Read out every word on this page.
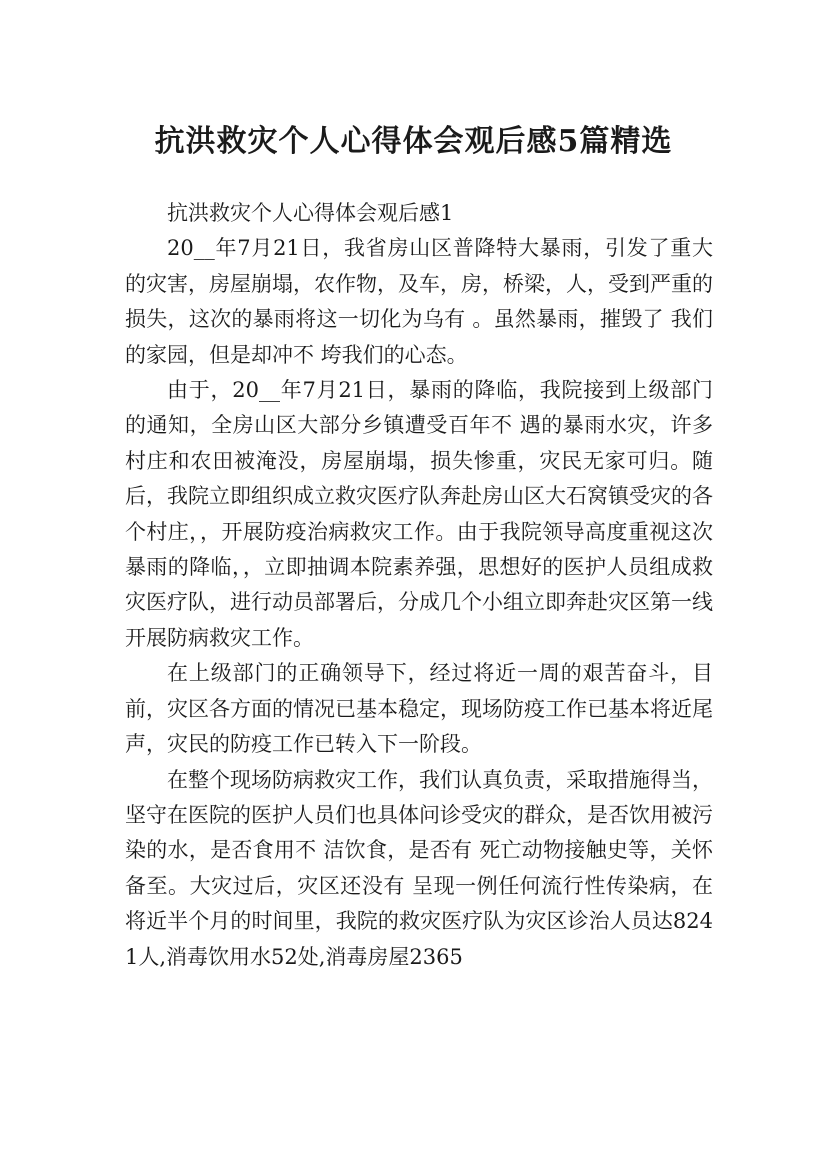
抗洪救灾个人心得体会观后感5篇精选

抗洪救灾个人心得体会观后感1

20__年7月21日，我省房山区普降特大暴雨，引发了重大的灾害，房屋崩塌，农作物，及车，房，桥梁，人，受到严重的损失，这次的暴雨将这一切化为乌有 。虽然暴雨，摧毁了 我们的家园，但是却冲不 垮我们的心态。

由于，20__年7月21日，暴雨的降临，我院接到上级部门的通知，全房山区大部分乡镇遭受百年不 遇的暴雨水灾，许多村庄和农田被淹没，房屋崩塌，损失惨重，灾民无家可归。随后，我院立即组织成立救灾医疗队奔赴房山区大石窝镇受灾的各个村庄，，开展防疫治病救灾工作。由于我院领导高度重视这次暴雨的降临，，立即抽调本院素养强，思想好的医护人员组成救灾医疗队，进行动员部署后，分成几个小组立即奔赴灾区第一线开展防病救灾工作。

在上级部门的正确领导下，经过将近一周的艰苦奋斗，目前，灾区各方面的情况已基本稳定，现场防疫工作已基本将近尾声，灾民的防疫工作已转入下一阶段。

在整个现场防病救灾工作，我们认真负责，采取措施得当，坚守在医院的医护人员们也具体问诊受灾的群众，是否饮用被污染的水，是否食用不 洁饮食，是否有 死亡动物接触史等，关怀备至。大灾过后，灾区还没有 呈现一例任何流行性传染病，在将近半个月的时间里，我院的救灾医疗队为灾区诊治人员达8241人,消毒饮用水52处,消毒房屋2365
